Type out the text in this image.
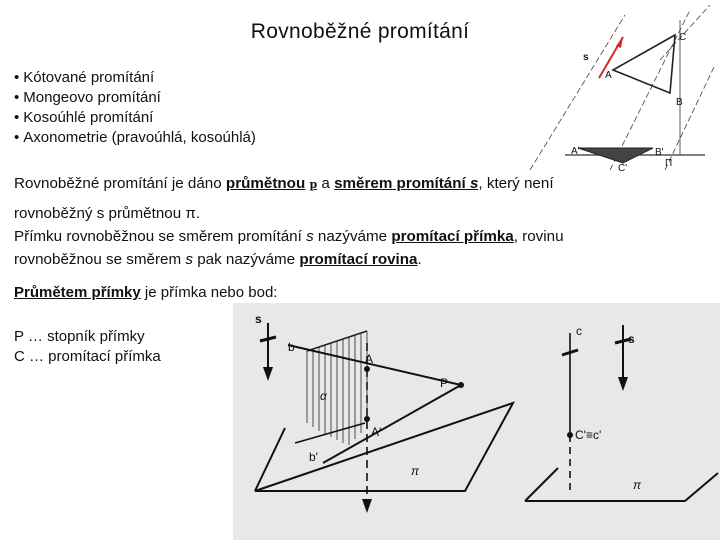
Rovnoběžné promítání
• Kótované promítání
• Mongeovo promítání
• Kosoúhlé promítání
• Axonometrie (pravoúhlá, kosoúhlá)
Rovnoběžné promítání je dáno průmětnou p a směrem promítání s, který není
rovnoběžný s průmětnou π.
Přímku rovnoběžnou se směrem promítání s nazýváme promítací přímka, rovinu
rovnoběžnou se směrem s pak nazýváme promítací rovina.
Průmětem přímky je přímka nebo bod:
P … stopník přímky
C … promítací přímka
s
C
A
B
A'	B'
C'	Π
s
b
A
P
α
A'
b'
π
c
s
C'≡c'
π
